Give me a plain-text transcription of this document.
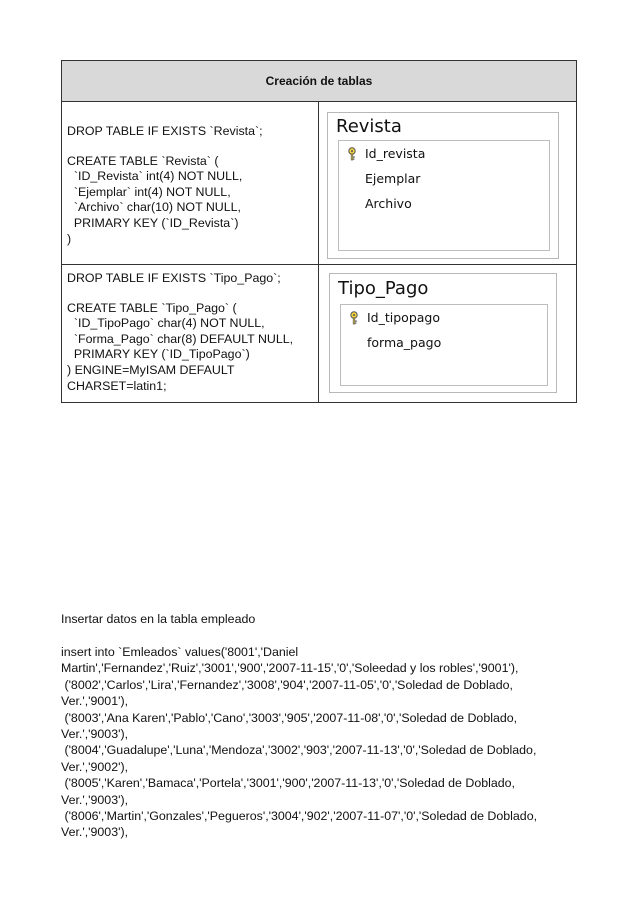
Creación de tablas
DROP TABLE IF EXISTS `Revista`;
CREATE TABLE `Revista` (
`ID_Revista` int(4) NOT NULL,
`Ejemplar` int(4) NOT NULL,
`Archivo` char(10) NOT NULL,
PRIMARY KEY (`ID_Revista`)
)
Revista
Id_revista
Ejemplar
Archivo
DROP TABLE IF EXISTS `Tipo_Pago`;
CREATE TABLE `Tipo_Pago` (
`ID_TipoPago` char(4) NOT NULL,
`Forma_Pago` char(8) DEFAULT NULL,
PRIMARY KEY (`ID_TipoPago`)
) ENGINE=MyISAM DEFAULT
CHARSET=latin1;
Tipo_Pago
Id_tipopago
forma_pago
Insertar datos en la tabla empleado
insert into `Emleados` values('8001','Daniel
Martin','Fernandez','Ruiz','3001','900','2007-11-15','0','Soleedad y los robles','9001'),
('8002','Carlos','Lira','Fernandez','3008','904','2007-11-05','0','Soledad de Doblado,
Ver.','9001'),
('8003','Ana Karen','Pablo','Cano','3003','905','2007-11-08','0','Soledad de Doblado,
Ver.','9003'),
('8004','Guadalupe','Luna','Mendoza','3002','903','2007-11-13','0','Soledad de Doblado,
Ver.','9002'),
('8005','Karen','Bamaca','Portela','3001','900','2007-11-13','0','Soledad de Doblado,
Ver.','9003'),
('8006','Martin','Gonzales','Pegueros','3004','902','2007-11-07','0','Soledad de Doblado,
Ver.','9003'),
